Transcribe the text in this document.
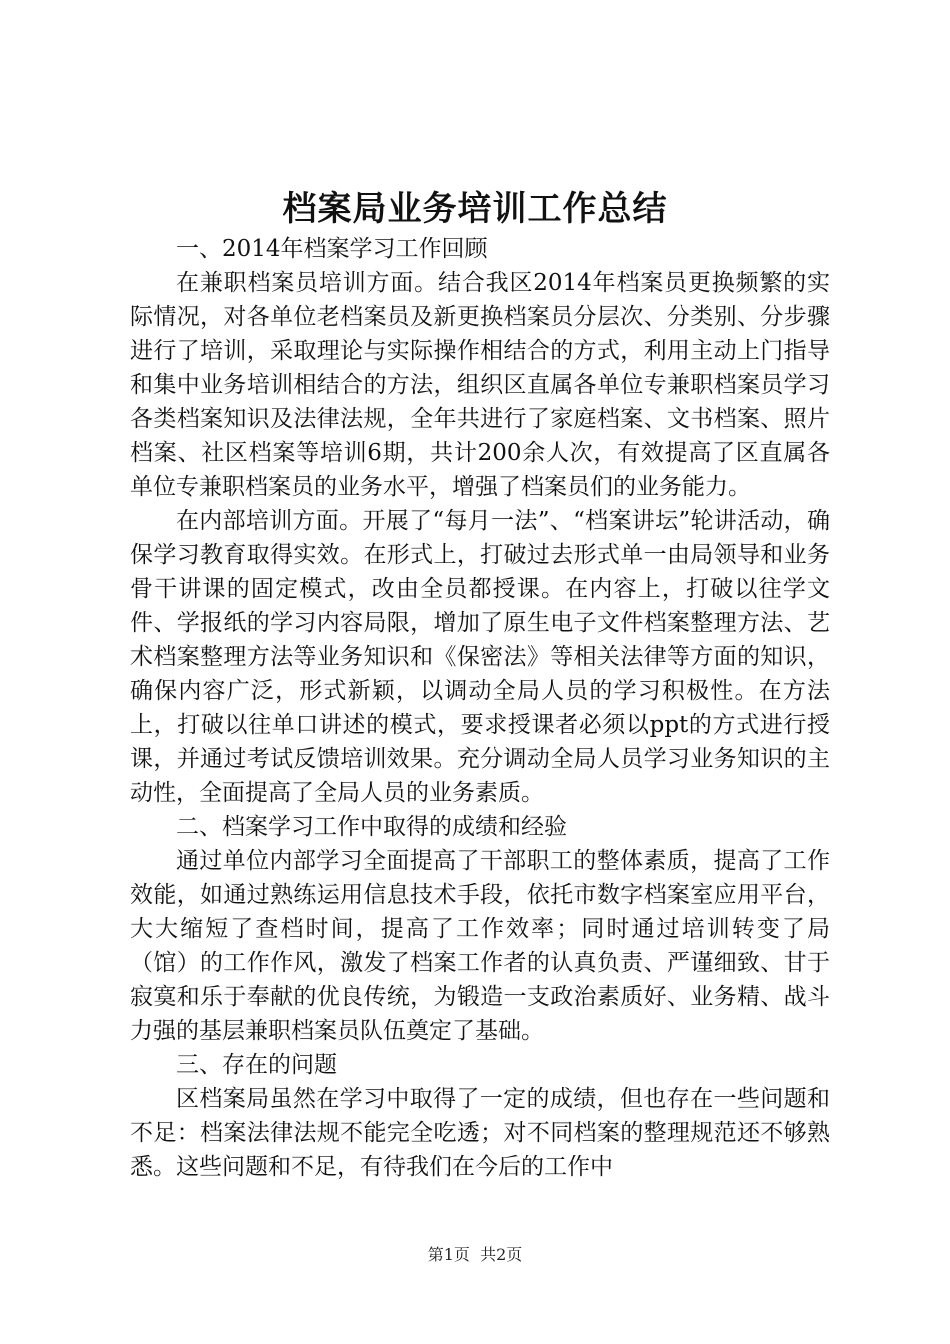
档案局业务培训工作总结

一、2014年档案学习工作回顾

在兼职档案员培训方面。结合我区2014年档案员更换频繁的实际情况，对各单位老档案员及新更换档案员分层次、分类别、分步骤进行了培训，采取理论与实际操作相结合的方式，利用主动上门指导和集中业务培训相结合的方法，组织区直属各单位专兼职档案员学习各类档案知识及法律法规，全年共进行了家庭档案、文书档案、照片档案、社区档案等培训6期，共计200余人次，有效提高了区直属各单位专兼职档案员的业务水平，增强了档案员们的业务能力。

在内部培训方面。开展了“每月一法”、“档案讲坛”轮讲活动，确保学习教育取得实效。在形式上，打破过去形式单一由局领导和业务骨干讲课的固定模式，改由全员都授课。在内容上，打破以往学文件、学报纸的学习内容局限，增加了原生电子文件档案整理方法、艺术档案整理方法等业务知识和《保密法》等相关法律等方面的知识，确保内容广泛，形式新颖，以调动全局人员的学习积极性。在方法上，打破以往单口讲述的模式，要求授课者必须以ppt的方式进行授课，并通过考试反馈培训效果。充分调动全局人员学习业务知识的主动性，全面提高了全局人员的业务素质。

二、档案学习工作中取得的成绩和经验

通过单位内部学习全面提高了干部职工的整体素质，提高了工作效能，如通过熟练运用信息技术手段，依托市数字档案室应用平台，大大缩短了查档时间，提高了工作效率；同时通过培训转变了局（馆）的工作作风，激发了档案工作者的认真负责、严谨细致、甘于寂寞和乐于奉献的优良传统，为锻造一支政治素质好、业务精、战斗力强的基层兼职档案员队伍奠定了基础。

三、存在的问题

区档案局虽然在学习中取得了一定的成绩，但也存在一些问题和不足：档案法律法规不能完全吃透；对不同档案的整理规范还不够熟悉。这些问题和不足，有待我们在今后的工作中

第1页 共2页
